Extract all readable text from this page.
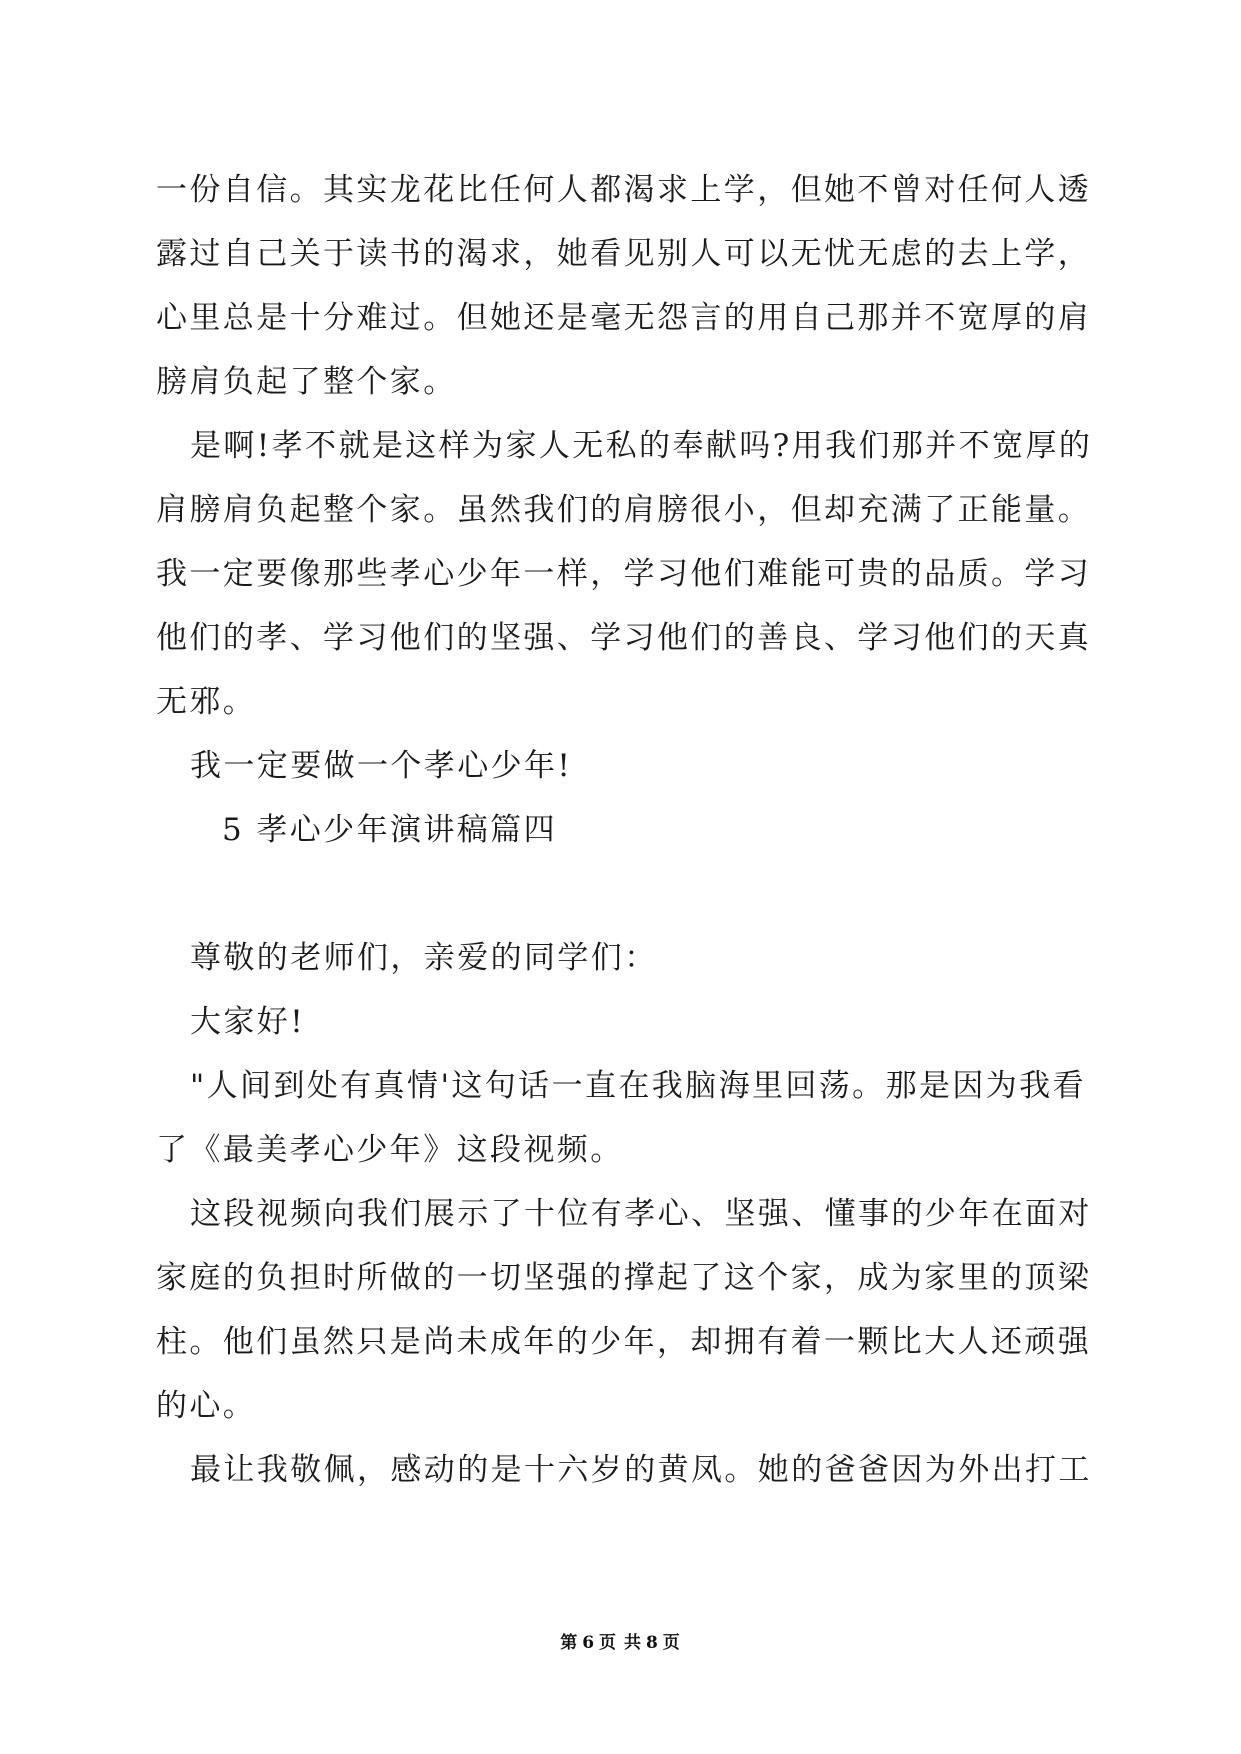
一份自信。其实龙花比任何人都渴求上学，但她不曾对任何人透
露过自己关于读书的渴求，她看见别人可以无忧无虑的去上学，
心里总是十分难过。但她还是毫无怨言的用自己那并不宽厚的肩
膀肩负起了整个家。
是啊!孝不就是这样为家人无私的奉献吗?用我们那并不宽厚的
肩膀肩负起整个家。虽然我们的肩膀很小，但却充满了正能量。
我一定要像那些孝心少年一样，学习他们难能可贵的品质。学习
他们的孝、学习他们的坚强、学习他们的善良、学习他们的天真
无邪。
我一定要做一个孝心少年!
5 孝心少年演讲稿篇四
尊敬的老师们，亲爱的同学们：
大家好!
"人间到处有真情'这句话一直在我脑海里回荡。那是因为我看
了《最美孝心少年》这段视频。
这段视频向我们展示了十位有孝心、坚强、懂事的少年在面对
家庭的负担时所做的一切坚强的撑起了这个家，成为家里的顶梁
柱。他们虽然只是尚未成年的少年，却拥有着一颗比大人还顽强
的心。
最让我敬佩，感动的是十六岁的黄凤。她的爸爸因为外出打工
第 6 页 共 8 页
